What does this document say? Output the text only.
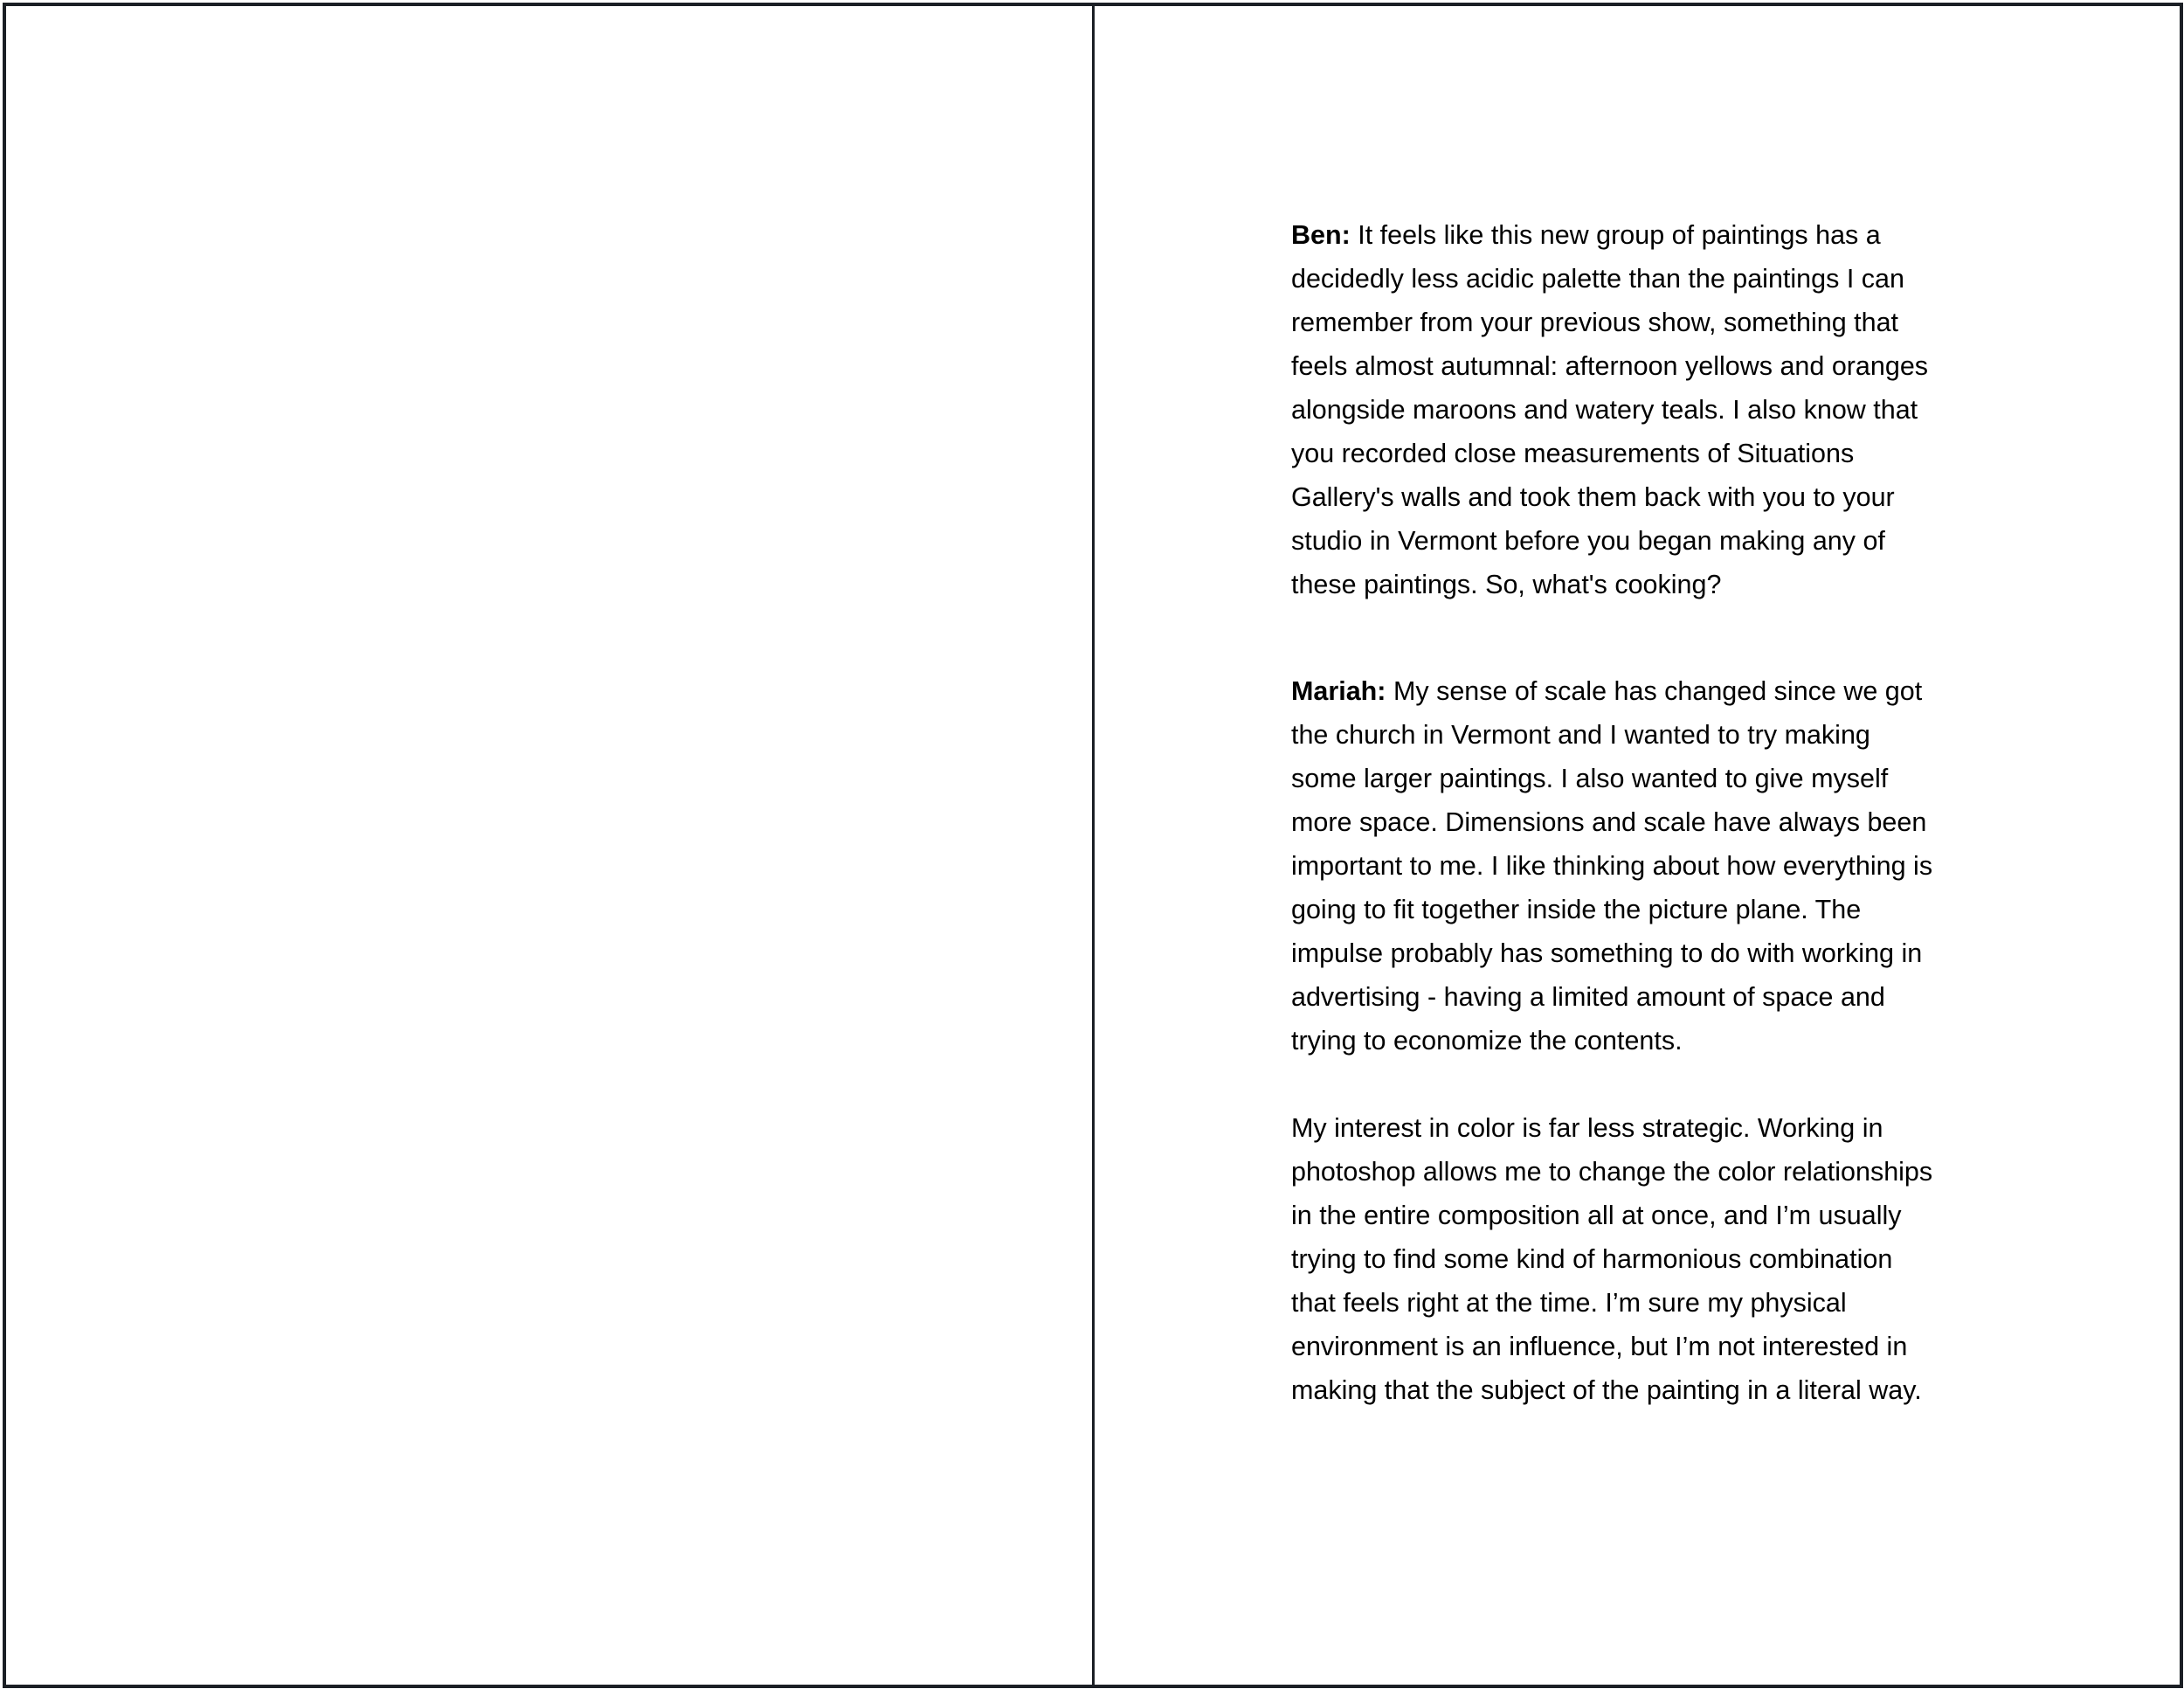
Ben: It feels like this new group of paintings has a
decidedly less acidic palette than the paintings I can
remember from your previous show, something that
feels almost autumnal: afternoon yellows and oranges
alongside maroons and watery teals. I also know that
you recorded close measurements of Situations
Gallery's walls and took them back with you to your
studio in Vermont before you began making any of
these paintings. So, what's cooking?

Mariah: My sense of scale has changed since we got
the church in Vermont and I wanted to try making
some larger paintings. I also wanted to give myself
more space. Dimensions and scale have always been
important to me. I like thinking about how everything is
going to fit together inside the picture plane. The
impulse probably has something to do with working in
advertising - having a limited amount of space and
trying to economize the contents.

My interest in color is far less strategic. Working in
photoshop allows me to change the color relationships
in the entire composition all at once, and I’m usually
trying to find some kind of harmonious combination
that feels right at the time. I’m sure my physical
environment is an influence, but I’m not interested in
making that the subject of the painting in a literal way.
